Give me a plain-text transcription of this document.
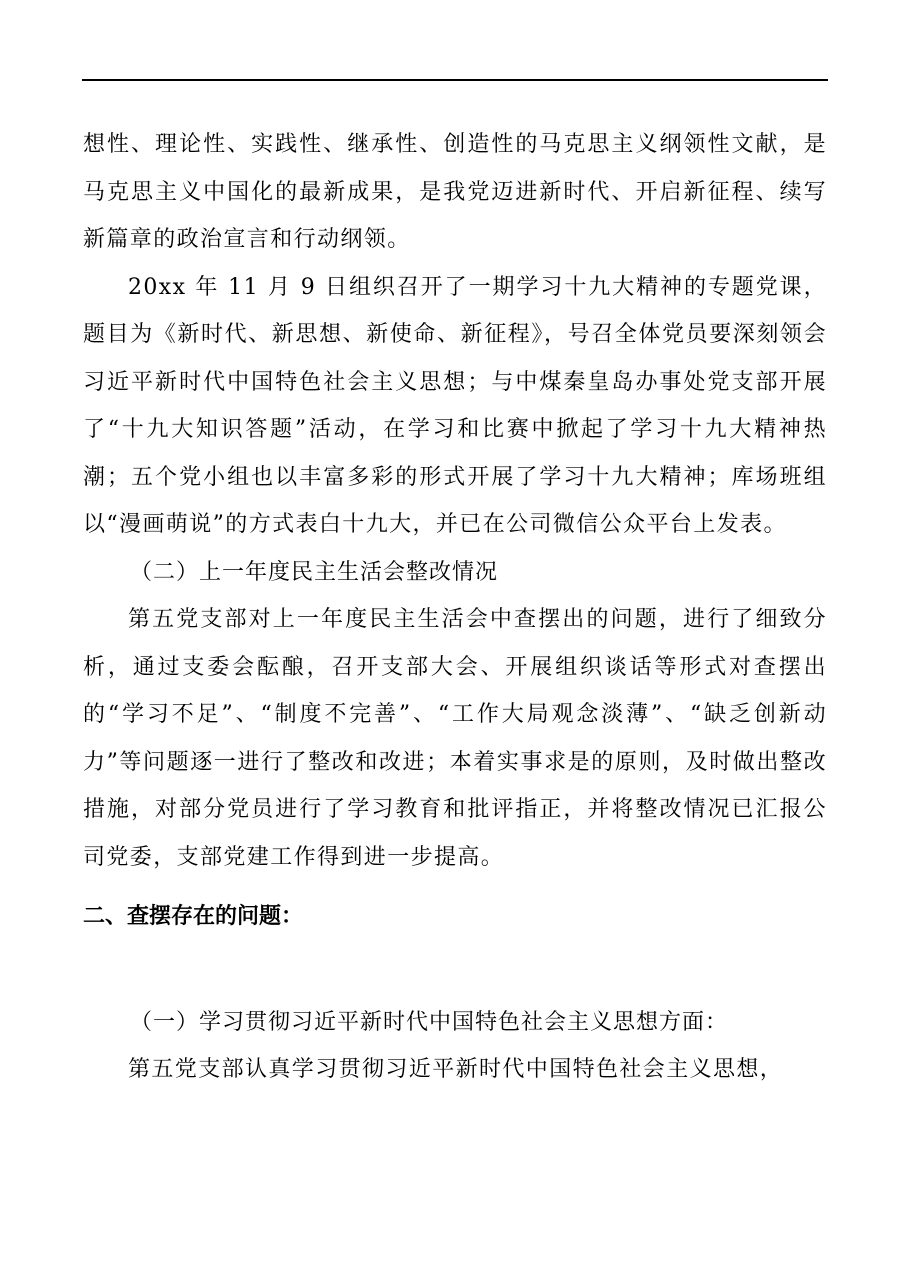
想性、理论性、实践性、继承性、创造性的马克思主义纲领性文献，是马克思主义中国化的最新成果，是我党迈进新时代、开启新征程、续写新篇章的政治宣言和行动纲领。

20xx 年 11 月 9 日组织召开了一期学习十九大精神的专题党课，题目为《新时代、新思想、新使命、新征程》，号召全体党员要深刻领会习近平新时代中国特色社会主义思想；与中煤秦皇岛办事处党支部开展了“十九大知识答题”活动，在学习和比赛中掀起了学习十九大精神热潮；五个党小组也以丰富多彩的形式开展了学习十九大精神；库场班组以“漫画萌说”的方式表白十九大，并已在公司微信公众平台上发表。

（二）上一年度民主生活会整改情况

第五党支部对上一年度民主生活会中查摆出的问题，进行了细致分析，通过支委会酝酿，召开支部大会、开展组织谈话等形式对查摆出的“学习不足”、“制度不完善”、“工作大局观念淡薄”、“缺乏创新动力”等问题逐一进行了整改和改进；本着实事求是的原则，及时做出整改措施，对部分党员进行了学习教育和批评指正，并将整改情况已汇报公司党委，支部党建工作得到进一步提高。

二、查摆存在的问题：

（一）学习贯彻习近平新时代中国特色社会主义思想方面：

第五党支部认真学习贯彻习近平新时代中国特色社会主义思想，
